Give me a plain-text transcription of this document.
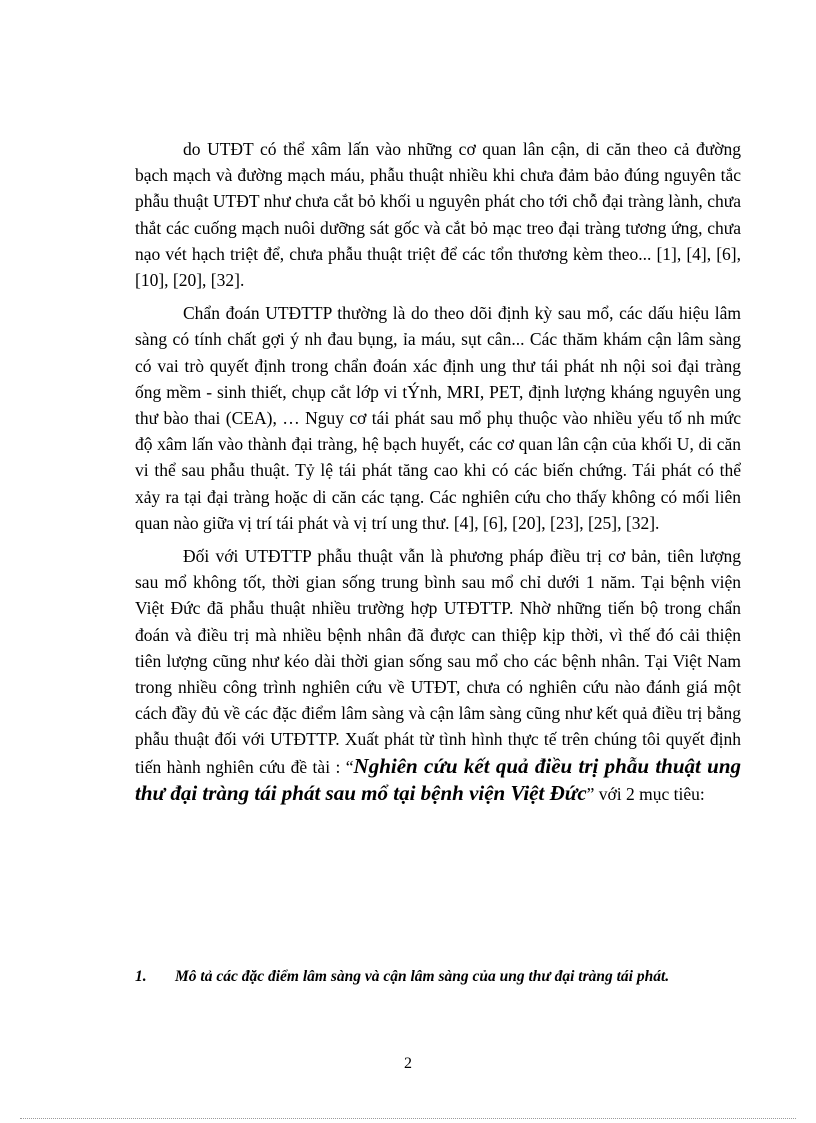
do UTĐT có thể xâm lấn vào những cơ quan lân cận, di căn theo cả đường bạch mạch và đường mạch máu, phẫu thuật nhiều khi chưa đảm bảo đúng nguyên tắc phẫu thuật UTĐT như chưa cắt bỏ khối u nguyên phát cho tới chỗ đại tràng lành, chưa thắt các cuống mạch nuôi dưỡng sát gốc và cắt bỏ mạc treo đại tràng tương ứng, chưa nạo vét hạch triệt để, chưa phẫu thuật triệt để các tổn thương kèm theo... [1], [4], [6], [10], [20], [32].

Chẩn đoán UTĐTTP thường là do theo dõi định kỳ sau mổ, các dấu hiệu lâm sàng có tính chất gợi ý nh đau bụng, ỉa máu, sụt cân... Các thăm khám cận lâm sàng có vai trò quyết định trong chẩn đoán xác định ung thư tái phát nh nội soi đại tràng ống mềm - sinh thiết, chụp cắt lớp vi tÝnh, MRI, PET, định lượng kháng nguyên ung thư bào thai (CEA), … Nguy cơ tái phát sau mổ phụ thuộc vào nhiều yếu tố nh mức độ xâm lấn vào thành đại tràng, hệ bạch huyết, các cơ quan lân cận của khối U, di căn vi thể sau phẫu thuật. Tỷ lệ tái phát tăng cao khi có các biến chứng. Tái phát có thể xảy ra tại đại tràng hoặc di căn các tạng. Các nghiên cứu cho thấy không có mối liên quan nào giữa vị trí tái phát và vị trí ung thư. [4], [6], [20], [23], [25], [32].

Đối với UTĐTTP phẫu thuật vẫn là phương pháp điều trị cơ bản, tiên lượng sau mổ không tốt, thời gian sống trung bình sau mổ chỉ dưới 1 năm. Tại bệnh viện Việt Đức đã phẫu thuật nhiều trường hợp UTĐTTP. Nhờ những tiến bộ trong chẩn đoán và điều trị mà nhiều bệnh nhân đã được can thiệp kịp thời, vì thế đó cải thiện tiên lượng cũng như kéo dài thời gian sống sau mổ cho các bệnh nhân. Tại Việt Nam trong nhiều công trình nghiên cứu về UTĐT, chưa có nghiên cứu nào đánh giá một cách đầy đủ về các đặc điểm lâm sàng và cận lâm sàng cũng như kết quả điều trị bằng phẫu thuật đối với UTĐTTP. Xuất phát từ tình hình thực tế trên chúng tôi quyết định tiến hành nghiên cứu đề tài : “Nghiên cứu kết quả điều trị phẫu thuật ung thư đại tràng tái phát sau mổ tại bệnh viện Việt Đức” với 2 mục tiêu:

1.	Mô tả các đặc điểm lâm sàng và cận lâm sàng của ung thư đại tràng tái phát.
2
